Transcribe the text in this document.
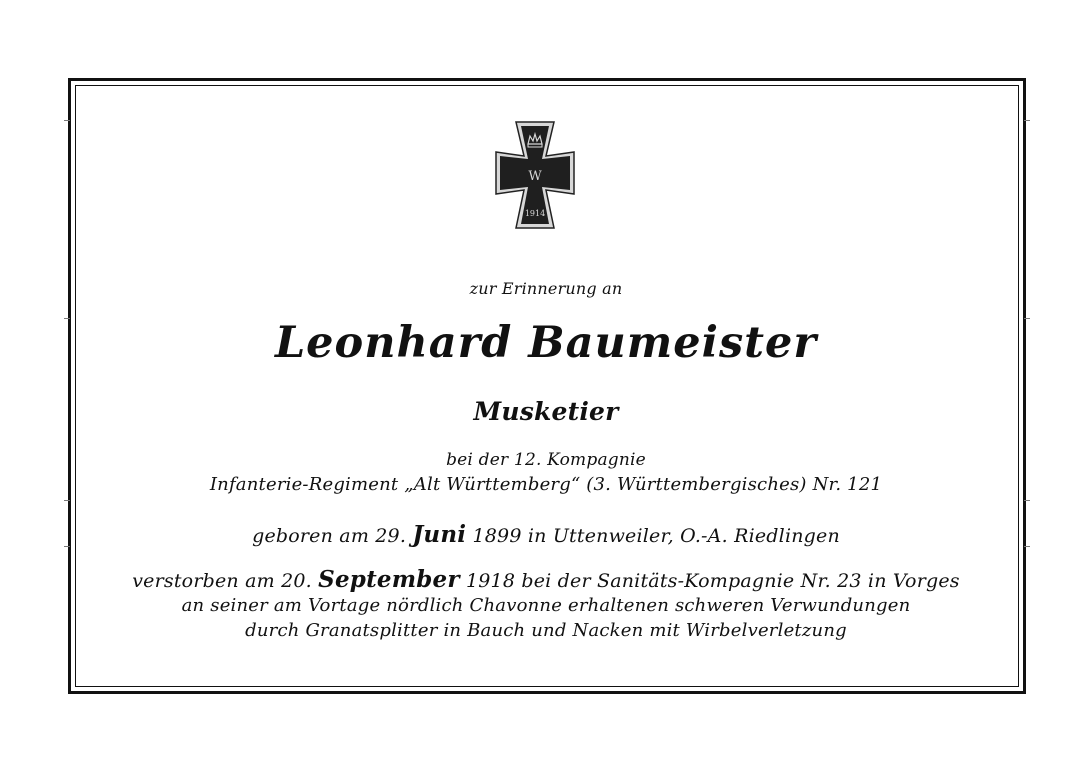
W
1914
zur Erinnerung an
Leonhard Baumeister
Musketier
bei der 12. Kompagnie
Infanterie-Regiment „Alt Württemberg“ (3. Württembergisches) Nr. 121
geboren am 29. Juni 1899 in Uttenweiler, O.-A. Riedlingen
verstorben am 20. September 1918 bei der Sanitäts-Kompagnie Nr. 23 in Vorges
an seiner am Vortage nördlich Chavonne erhaltenen schweren Verwundungen
durch Granatsplitter in Bauch und Nacken mit Wirbelverletzung
